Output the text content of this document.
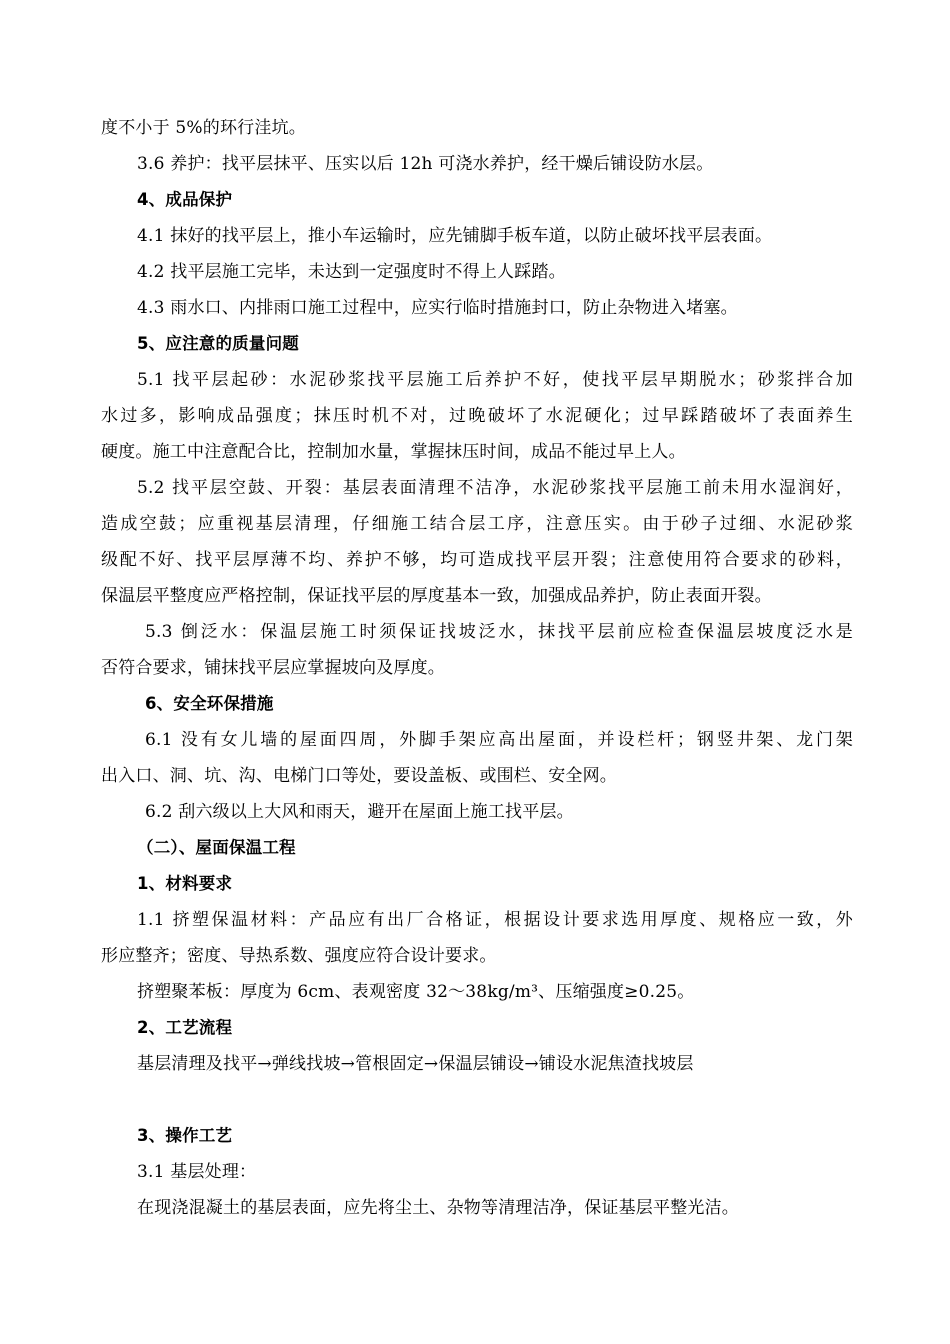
度不小于 5%的环行洼坑。
3.6 养护：找平层抹平、压实以后 12h 可浇水养护，经干燥后铺设防水层。
4、成品保护
4.1 抹好的找平层上，推小车运输时，应先铺脚手板车道，以防止破坏找平层表面。
4.2 找平层施工完毕，未达到一定强度时不得上人踩踏。
4.3 雨水口、内排雨口施工过程中，应实行临时措施封口，防止杂物进入堵塞。
5、应注意的质量问题
5.1 找平层起砂：水泥砂浆找平层施工后养护不好，使找平层早期脱水；砂浆拌合加
水过多，影响成品强度；抹压时机不对，过晚破坏了水泥硬化；过早踩踏破坏了表面养生
硬度。施工中注意配合比，控制加水量，掌握抹压时间，成品不能过早上人。
5.2 找平层空鼓、开裂：基层表面清理不洁净，水泥砂浆找平层施工前未用水湿润好，
造成空鼓；应重视基层清理，仔细施工结合层工序，注意压实。由于砂子过细、水泥砂浆
级配不好、找平层厚薄不均、养护不够，均可造成找平层开裂；注意使用符合要求的砂料，
保温层平整度应严格控制，保证找平层的厚度基本一致，加强成品养护，防止表面开裂。
5.3 倒泛水：保温层施工时须保证找坡泛水，抹找平层前应检查保温层坡度泛水是
否符合要求，铺抹找平层应掌握坡向及厚度。
6、安全环保措施
6.1 没有女儿墙的屋面四周，外脚手架应高出屋面，并设栏杆；钢竖井架、龙门架
出入口、洞、坑、沟、电梯门口等处，要设盖板、或围栏、安全网。
6.2 刮六级以上大风和雨天，避开在屋面上施工找平层。
（二）、屋面保温工程
1、材料要求
1.1 挤塑保温材料：产品应有出厂合格证，根据设计要求选用厚度、规格应一致，外
形应整齐；密度、导热系数、强度应符合设计要求。
挤塑聚苯板：厚度为 6cm、表观密度 32～38kg/m³、压缩强度≥0.25。
2、工艺流程
基层清理及找平→弹线找坡→管根固定→保温层铺设→铺设水泥焦渣找坡层
3、操作工艺
3.1 基层处理：
在现浇混凝土的基层表面，应先将尘土、杂物等清理洁净，保证基层平整光洁。
